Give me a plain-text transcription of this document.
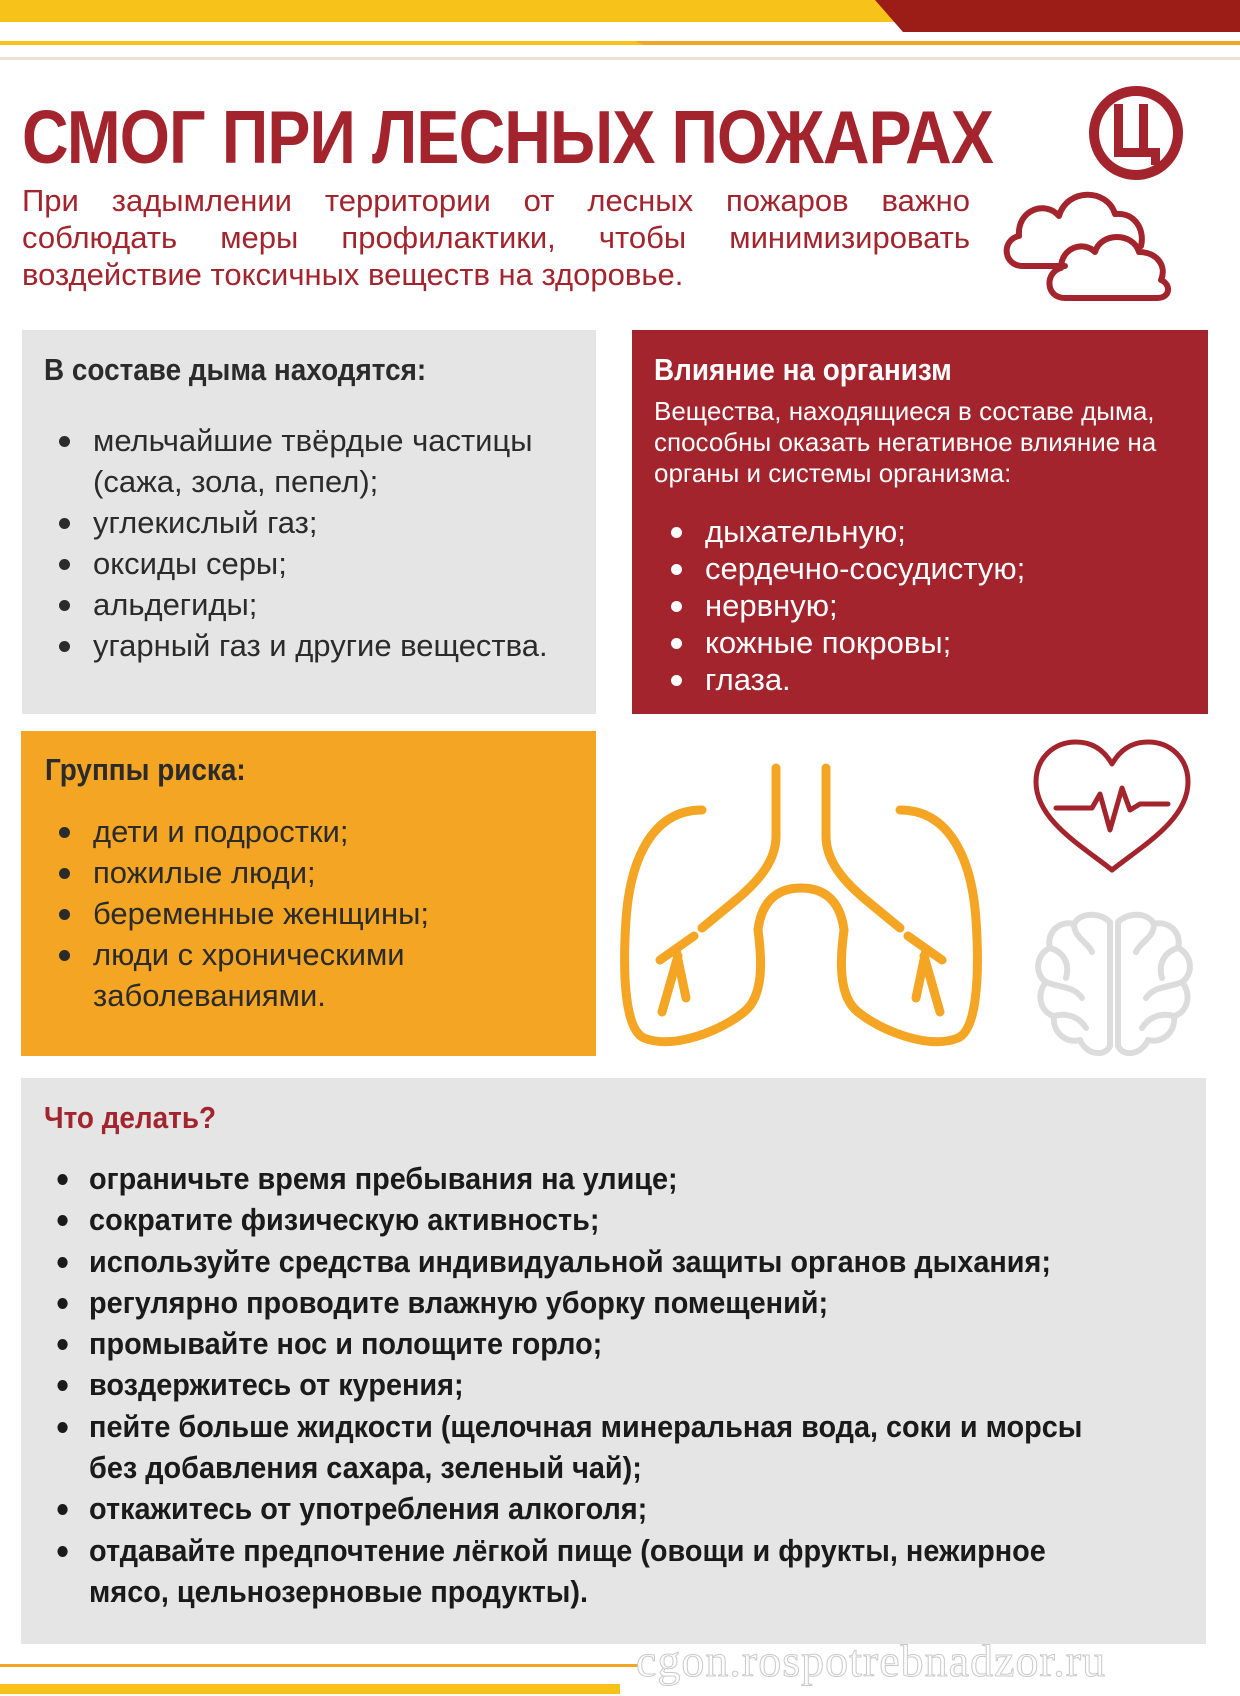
СМОГ ПРИ ЛЕСНЫХ ПОЖАРАХ
При задымлении территории от лесных пожаров важно соблюдать меры профилактики, чтобы минимизировать воздействие токсичных веществ на здоровье.
В составе дыма находятся:
мельчайшие твёрдые частицы (сажа, зола, пепел);
углекислый газ;
оксиды серы;
альдегиды;
угарный газ и другие вещества.
Влияние на организм
Вещества, находящиеся в составе дыма, способны оказать негативное влияние на органы и системы организма:
дыхательную;
сердечно-сосудистую;
нервную;
кожные покровы;
глаза.
Группы риска:
дети и подростки;
пожилые люди;
беременные женщины;
люди с хроническими заболеваниями.
Что делать?
ограничьте время пребывания на улице;
сократите физическую активность;
используйте средства индивидуальной защиты органов дыхания;
регулярно проводите влажную уборку помещений;
промывайте нос и полощите горло;
воздержитесь от курения;
пейте больше жидкости (щелочная минеральная вода, соки и морсы без добавления сахара, зеленый чай);
откажитесь от употребления алкоголя;
отдавайте предпочтение лёгкой пище (овощи и фрукты, нежирное мясо, цельнозерновые продукты).
cgon.rospotrebnadzor.ru
